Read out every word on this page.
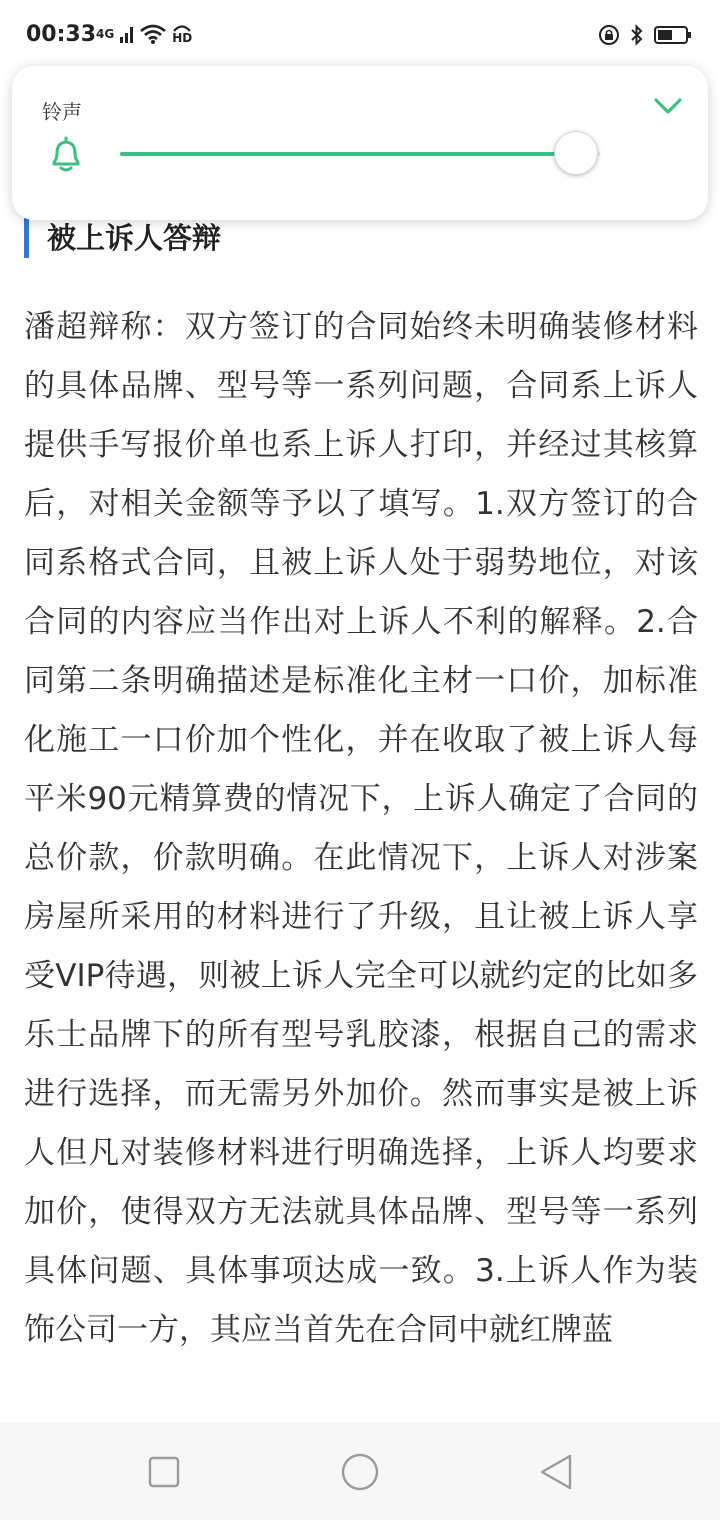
00:33 4G	HD
被上诉人答辩
潘超辩称：双方签订的合同始终未明确装修材料的具体品牌、型号等一系列问题，合同系上诉人提供手写报价单也系上诉人打印，并经过其核算后，对相关金额等予以了填写。1.双方签订的合同系格式合同，且被上诉人处于弱势地位，对该合同的内容应当作出对上诉人不利的解释。2.合同第二条明确描述是标准化主材一口价，加标准化施工一口价加个性化，并在收取了被上诉人每平米90元精算费的情况下，上诉人确定了合同的总价款，价款明确。在此情况下，上诉人对涉案房屋所采用的材料进行了升级，且让被上诉人享受VIP待遇，则被上诉人完全可以就约定的比如多乐士品牌下的所有型号乳胶漆，根据自己的需求进行选择，而无需另外加价。然而事实是被上诉人但凡对装修材料进行明确选择，上诉人均要求加价，使得双方无法就具体品牌、型号等一系列具体问题、具体事项达成一致。3.上诉人作为装饰公司一方，其应当首先在合同中就红牌蓝
铃声
